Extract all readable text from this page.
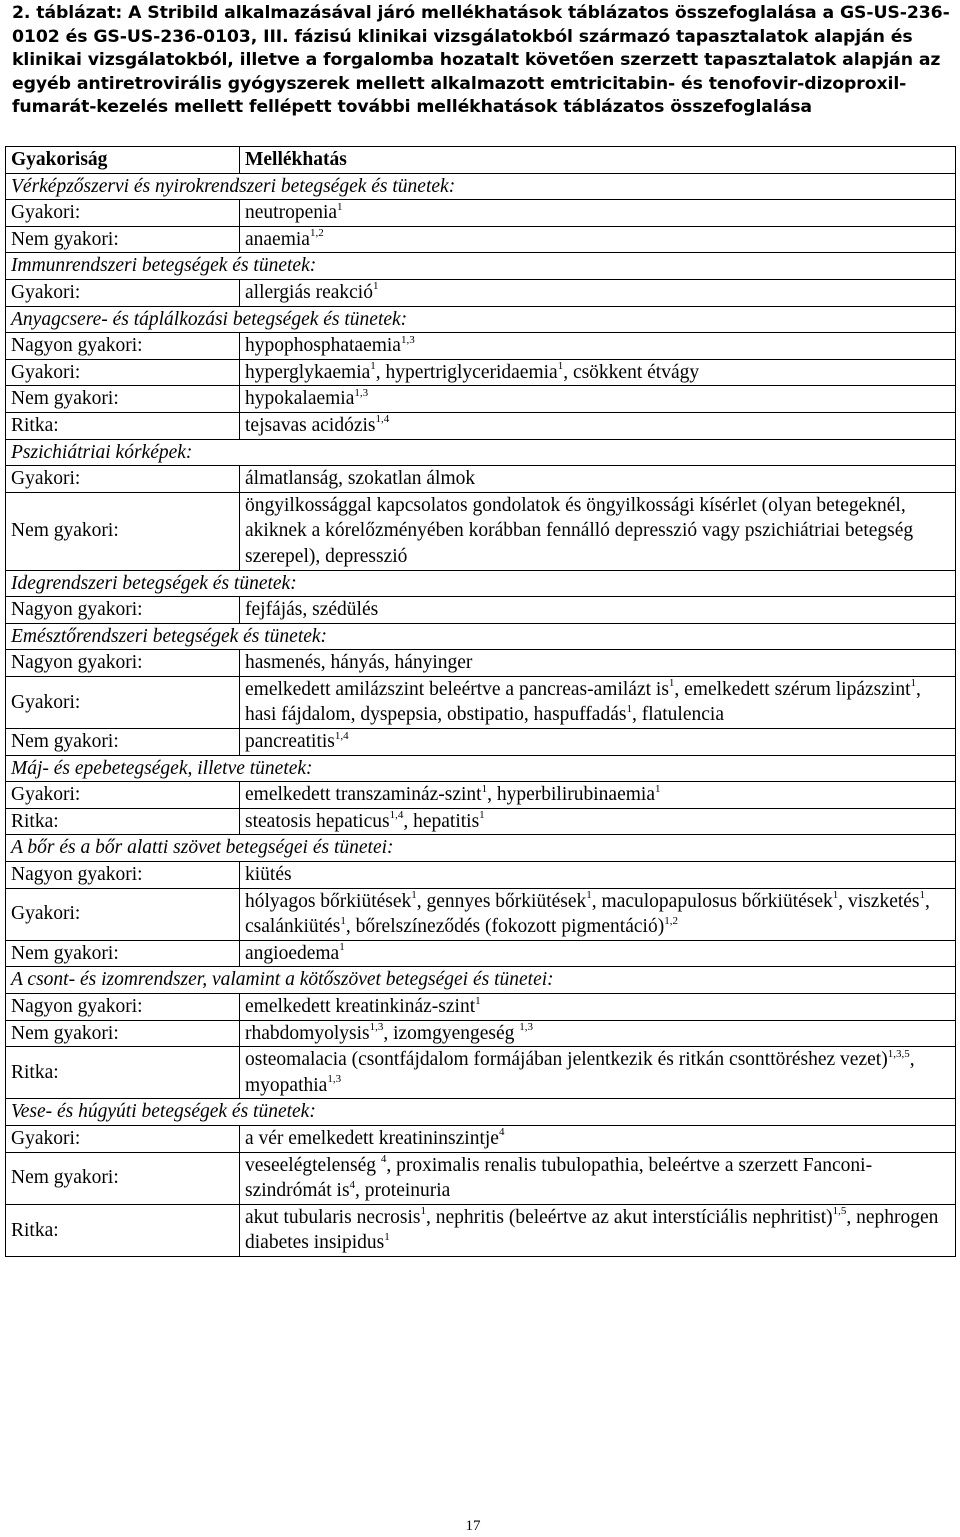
2. táblázat: A Stribild alkalmazásával járó mellékhatások táblázatos összefoglalása a GS-US-236-0102 és GS-US-236-0103, III. fázisú klinikai vizsgálatokból származó tapasztalatok alapján és klinikai vizsgálatokból, illetve a forgalomba hozatalt követően szerzett tapasztalatok alapján az egyéb antiretrovirális gyógyszerek mellett alkalmazott emtricitabin- és tenofovir-dizoproxil-fumarát-kezelés mellett fellépett további mellékhatások táblázatos összefoglalása
Gyakoriság	Mellékhatás
Vérképzőszervi és nyirokrendszeri betegségek és tünetek:	
Gyakori:	neutropenia$^1$
Nem gyakori:	anaemia$^{1,2}$
Immunrendszeri betegségek és tünetek:	
Gyakori:	allergiás reakció$^1$
Anyagcsere- és táplálkozási betegségek és tünetek:	
Nagyon gyakori:	hypophosphataemia$^{1,3}$
Gyakori:	hyperglykaemia$^1$, hypertriglyceridaemia$^1$, csökkent étvágy
Nem gyakori:	hypokalaemia$^{1,3}$
Ritka:	tejsavas acidózis$^{1,4}$
Pszichiátriai kórképek:	
Gyakori:	álmatlanság, szokatlan álmok
Nem gyakori:	öngyilkossággal kapcsolatos gondolatok és öngyilkossági kísérlet (olyan betegeknél, akiknek a kórelőzményében korábban fennálló depresszió vagy pszichiátriai betegség szerepel), depresszió
Idegrendszeri betegségek és tünetek:	
Nagyon gyakori:	fejfájás, szédülés
Emésztőrendszeri betegségek és tünetek:	
Nagyon gyakori:	hasmenés, hányás, hányinger
Gyakori:	emelkedett amilázszint beleértve a pancreas-amilázt $is^1$, emelkedett szérum lipázszint$^1$, hasi fájdalom, dyspepsia, obstipatio, haspuffadás$^1$, flatulencia
Nem gyakori:	pancreatitis$^{1,4}$
Máj- és epebetegségek, illetve tünetek:	
Gyakori:	emelkedett transzamináz-szint$^1$, hyperbilirubinaemia$^1$
Ritka:	steatosis hepaticus$^{1,4}$, hepatitis$^1$
A bőr és a bőr alatti szövet betegségei és tünetei:	
Nagyon gyakori:	kiütés
Gyakori:	hólyagos bőrkiütések$^1$, gennyes bőrkiütések$^1$, maculopapulosus bőrkiütések$^1$, viszketés$^1$, csalánkiütés$^1$, bőrelszíneződés (fokozott pigmentáció)$^{1,2}$
Nem gyakori:	angioedema$^1$
A csont- és izomrendszer, valamint a kötőszövet betegségei és tünetei:	
Nagyon gyakori:	emelkedett kreatinkináz-szint$^1$
Nem gyakori:	rhabdomyolysis$^{1,3}$, izomgyengeség $^{1,3}$
Ritka:	osteomalacia (csontfájdalom formájában jelentkezik és ritkán csonttöréshez vezet)$^{1,3,5}$, myopathia$^{1,3}$
Vese- és húgyúti betegségek és tünetek:	
Gyakori:	a vér emelkedett kreatininszintje$^4$
Nem gyakori:	veseelégtelenség $^4$, proximalis renalis tubulopathia, beleértve a szerzett Fanconi-szindrómát $is^4$, proteinuria
Ritka:	akut tubularis necrosis$^1$, nephritis (beleértve az akut interstíciális nephritist)$^{1,5}$, nephrogen diabetes insipidus$^1$
17
